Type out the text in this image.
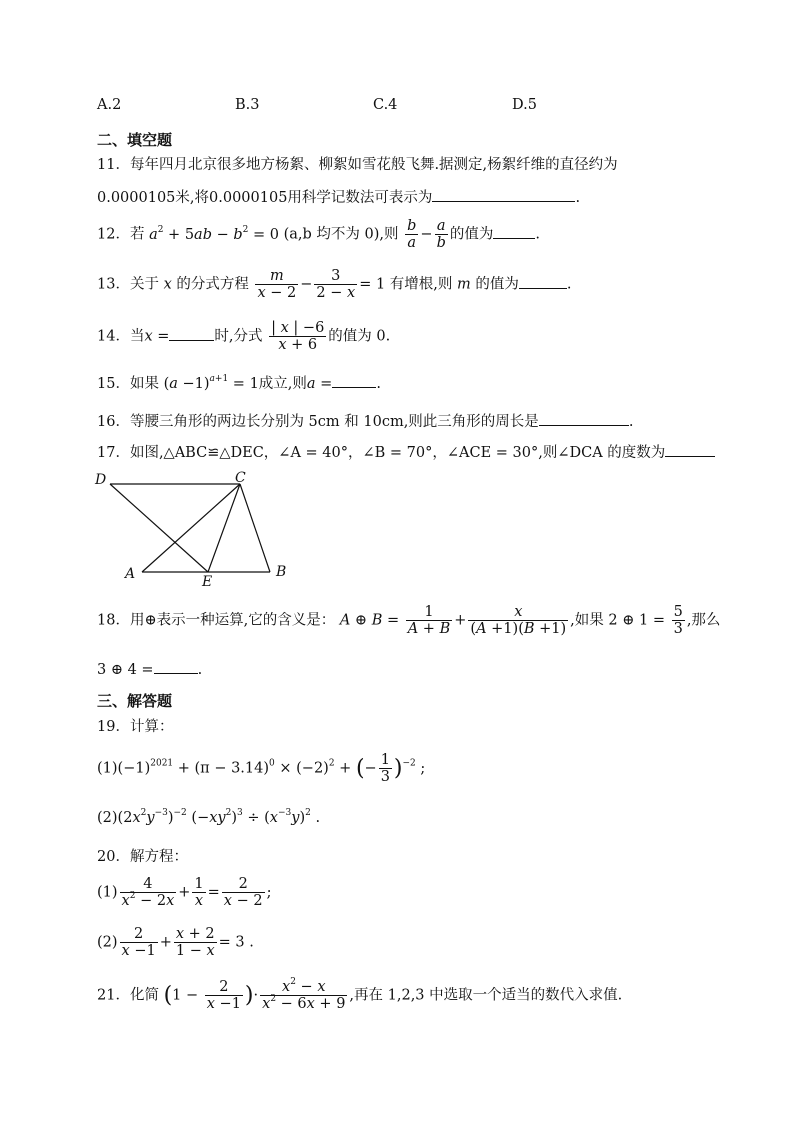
A.2	B.3	C.4	D.5
二、填空题
11．每年四月北京很多地方杨絮、柳絮如雪花般飞舞.据测定,杨絮纤维的直径约为
0.0000105米,将0.0000105用科学记数法可表示为	.
12．若 $a^2 + 5ab - b^2 = 0$ (a,b 均不为 0),则 $\frac{b}{a} - \frac{a}{b}$ 的值为	.
13．关于 x 的分式方程 $\frac{m}{x - 2} - \frac{3}{2 - x} = 1$ 有增根,则 m 的值为	.
14．当x =	时,分式 $\frac{| x | -6}{x + 6}$ 的值为 0.
15．如果 $(a -1)^{a+1} = 1$成立,则a =	.
16．等腰三角形的两边长分别为 5cm 和 10cm,则此三角形的周长是	.
17．如图,△ABC≌△DEC，∠A = 40°，∠B = 70°，∠ACE = 30°,则∠DCA 的度数为
D	C
A	E
B
18．用⊕表示一种运算,它的含义是： A ⊕ $B = \frac{1}{A + B} + \frac{x}{(A +1)(B +1)}$ ,如果 2 ⊕ $1 = \frac{5}{3}$ ,那么
3 ⊕ 4 =	.
三、解答题
19．计算：
$(1)(-1)^{2021} + (\pi - 3.14)^0 \times (-2)^2$ + (− $\frac{1}{3} )^{-2}$ ;
$(2)(2x^2y^{-3})^{-2}$ $(-xy^2)^3 \div (x^{-3}y)^2$ .
20．解方程：
$(1) \frac{4}{x^2 - 2x} + \frac{1}{x} = \frac{2}{x - 2}$ ;
$(2) \frac{2}{x -1} + \frac{x + 2}{1 - x} = 3$ .
21．化简 ($1 - \frac{2}{x -1}$ )· $\frac{x^2 - x}{x^2 - 6x + 9}$ ,再在 1,2,3 中选取一个适当的数代入求值.
